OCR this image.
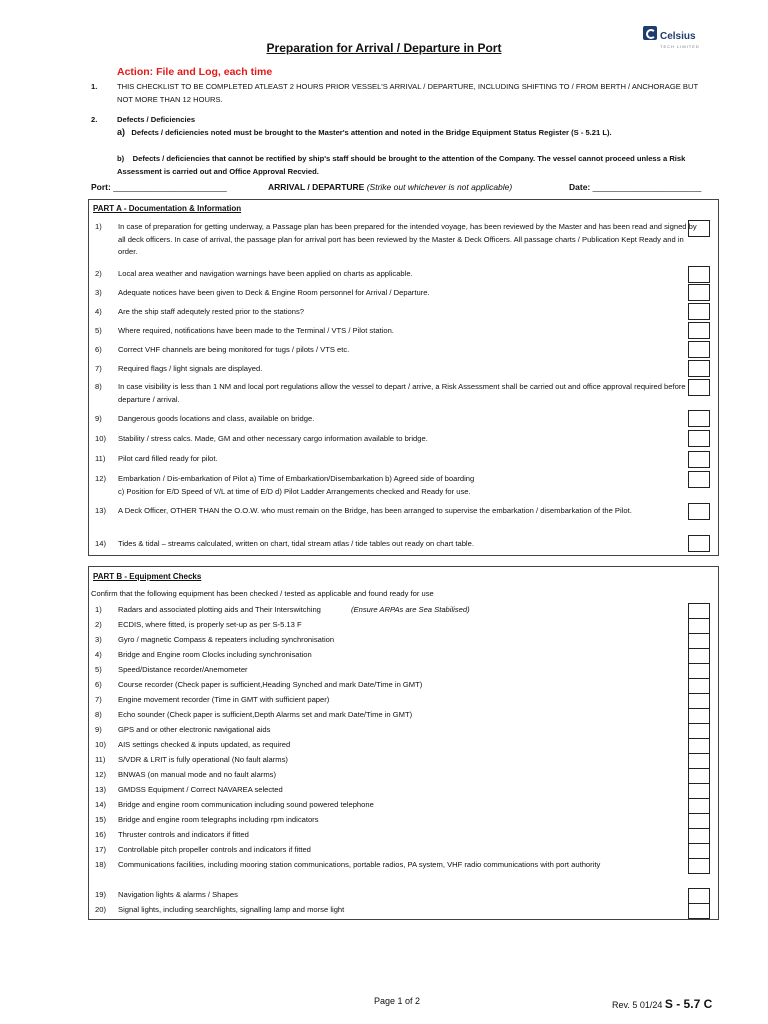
Celsius
TECH LIMITED
Preparation for Arrival / Departure in Port
Action: File and Log, each time
1.	THIS CHECKLIST TO BE COMPLETED ATLEAST 2 HOURS PRIOR VESSEL'S ARRIVAL / DEPARTURE, INCLUDING SHIFTING TO / FROM BERTH / ANCHORAGE BUT NOT MORE THAN 12 HOURS.
2.	Defects / Deficiencies
a) Defects / deficiencies noted must be brought to the Master's attention and noted in the Bridge Equipment Status Register (S - 5.21 L).
b) Defects / deficiencies that cannot be rectified by ship's staff should be brought to the attention of the Company. The vessel cannot proceed unless a Risk Assessment is carried out and Office Approval Recvied.
Port: ________________________	ARRIVAL / DEPARTURE (Strike out whichever is not applicable)	Date: _______________________
PART A - Documentation & Information
1) In case of preparation for getting underway, a Passage plan has been prepared for the intended voyage, has been reviewed by the Master and has been read and signed by all deck officers. In case of arrival, the passage plan for arrival port has been reviewed by the Master & Deck Officers. All passage charts / Publication Kept Ready and in order.
2) Local area weather and navigation warnings have been applied on charts as applicable.
3) Adequate notices have been given to Deck & Engine Room personnel for Arrival / Departure.
4) Are the ship staff adequtely rested prior to the stations?
5) Where required, notifications have been made to the Terminal / VTS / Pilot station.
6) Correct VHF channels are being monitored for tugs / pilots / VTS etc.
7) Required flags / light signals are displayed.
8) In case visibility is less than 1 NM and local port regulations allow the vessel to depart / arrive, a Risk Assessment shall be carried out and office approval required before departure / arrival.
9) Dangerous goods locations and class, available on bridge.
10) Stability / stress calcs. Made, GM and other necessary cargo information available to bridge.
11) Pilot card filled ready for pilot.
12) Embarkation / Dis-embarkation of Pilot a) Time of Embarkation/Disembarkation b) Agreed side of boarding
c) Position for E/D Speed of V/L at time of E/D d) Pilot Ladder Arrangements checked and Ready for use.
13) A Deck Officer, OTHER THAN the O.O.W. who must remain on the Bridge, has been arranged to supervise the embarkation / disembarkation of the Pilot.
14) Tides & tidal – streams calculated, written on chart, tidal stream atlas / tide tables out ready on chart table.
PART B - Equipment Checks
Confirm that the following equipment has been checked / tested as applicable and found ready for use
1) Radars and associated plotting aids and Their Interswitching	(Ensure ARPAs are Sea Stabilised)
2) ECDIS, where fitted, is properly set-up as per S-5.13 F
3) Gyro / magnetic Compass & repeaters including synchronisation
4) Bridge and Engine room Clocks including synchronisation
5) Speed/Distance recorder/Anemometer
6) Course recorder (Check paper is sufficient,Heading Synched and mark Date/Time in GMT)
7) Engine movement recorder (Time in GMT with sufficient paper)
8) Echo sounder (Check paper is sufficient,Depth Alarms set and mark Date/Time in GMT)
9) GPS and or other electronic navigational aids
10) AIS settings checked & inputs updated, as required
11) S/VDR & LRIT is fully operational (No fault alarms)
12) BNWAS (on manual mode and no fault alarms)
13) GMDSS Equipment / Correct NAVAREA selected
14) Bridge and engine room communication including sound powered telephone
15) Bridge and engine room telegraphs including rpm indicators
16) Thruster controls and indicators if fitted
17) Controllable pitch propeller controls and indicators if fitted
18) Communications facilities, including mooring station communications, portable radios, PA system, VHF radio communications with port authority
19) Navigation lights & alarms / Shapes
20) Signal lights, including searchlights, signalling lamp and morse light
Page 1 of 2	Rev. 5 01/24 S - 5.7 C
